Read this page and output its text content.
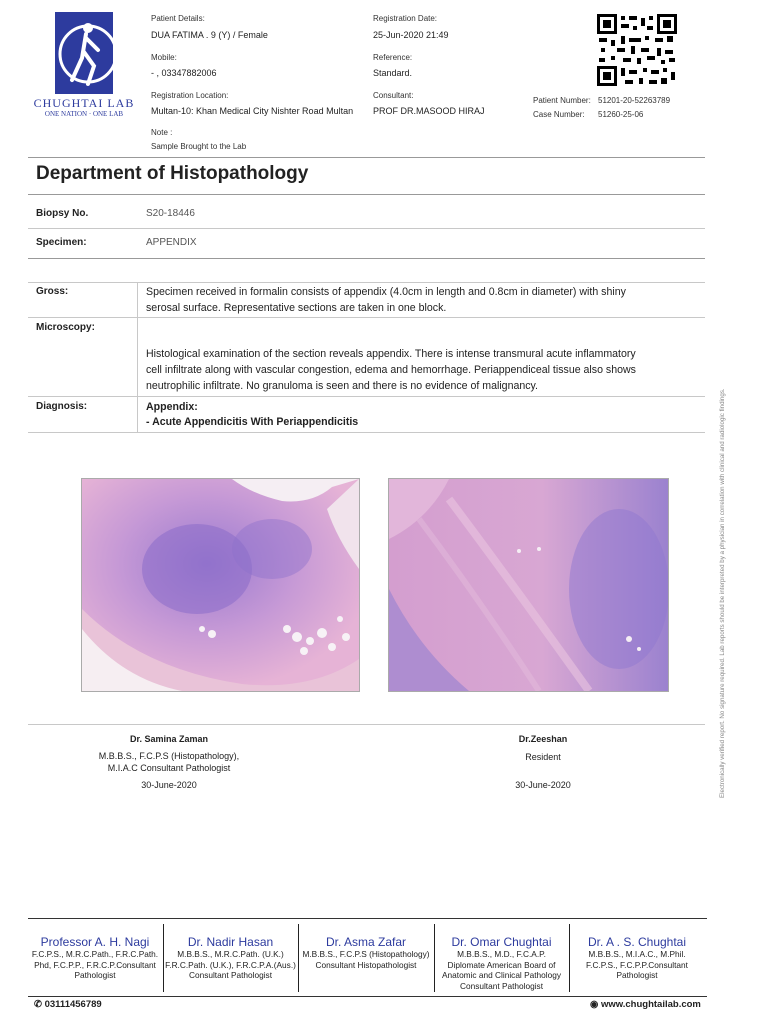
CHUGHTAI LAB
ONE NATION · ONE LAB
Patient Details:
DUA FATIMA . 9 (Y) / Female
Mobile:
- , 03347882006
Registration Location:
Multan-10: Khan Medical City Nishter Road Multan
Note :
Sample Brought to the Lab
Registration Date:
25-Jun-2020 21:49
Reference:
Standard.
Consultant:
PROF DR.MASOOD HIRAJ
Patient Number: 51201-20-52263789
Case Number: 51260-25-06
Department of Histopathology
Biopsy No.	S20-18446
Specimen:	APPENDIX
Gross:	Specimen received in formalin consists of appendix (4.0cm in length and 0.8cm in diameter) with shiny
serosal surface. Representative sections are taken in one block.
Microscopy:
Histological examination of the section reveals appendix. There is intense transmural acute inflammatory
cell infiltrate along with vascular congestion, edema and hemorrhage. Periappendiceal tissue also shows
neutrophilic infiltrate. No granuloma is seen and there is no evidence of malignancy.
Diagnosis:	Appendix:
- Acute Appendicitis With Periappendicitis
Dr. Samina Zaman
M.B.B.S., F.C.P.S (Histopathology),
M.I.A.C Consultant Pathologist
30-June-2020
Dr.Zeeshan
Resident
30-June-2020	Electronically verified report. No signature required. Lab reports should be interpreted by a physician in correlation with clinical and radiologic findings.
Professor A. H. Nagi
F.C.P.S., M.R.C.Path., F.R.C.Path.
Phd, F.C.P.P., F.R.C.P.Consultant
Pathologist
Dr. Nadir Hasan
M.B.B.S., M.R.C.Path. (U.K.)
F.R.C.Path. (U.K.), F.R.C.P.A.(Aus.)
Consultant Pathologist
Dr. Asma Zafar
M.B.B.S., F.C.P.S (Histopathology)
Consultant Histopathologist
Dr. Omar Chughtai
M.B.B.S., M.D., F.C.A.P.
Diplomate American Board of
Anatomic and Clinical Pathology
Consultant Pathologist
Dr. A . S. Chughtai
M.B.B.S., M.I.A.C., M.Phil.
F.C.P.S., F.C.P.P.Consultant
Pathologist
✆ 03111456789	◉ www.chughtailab.com
